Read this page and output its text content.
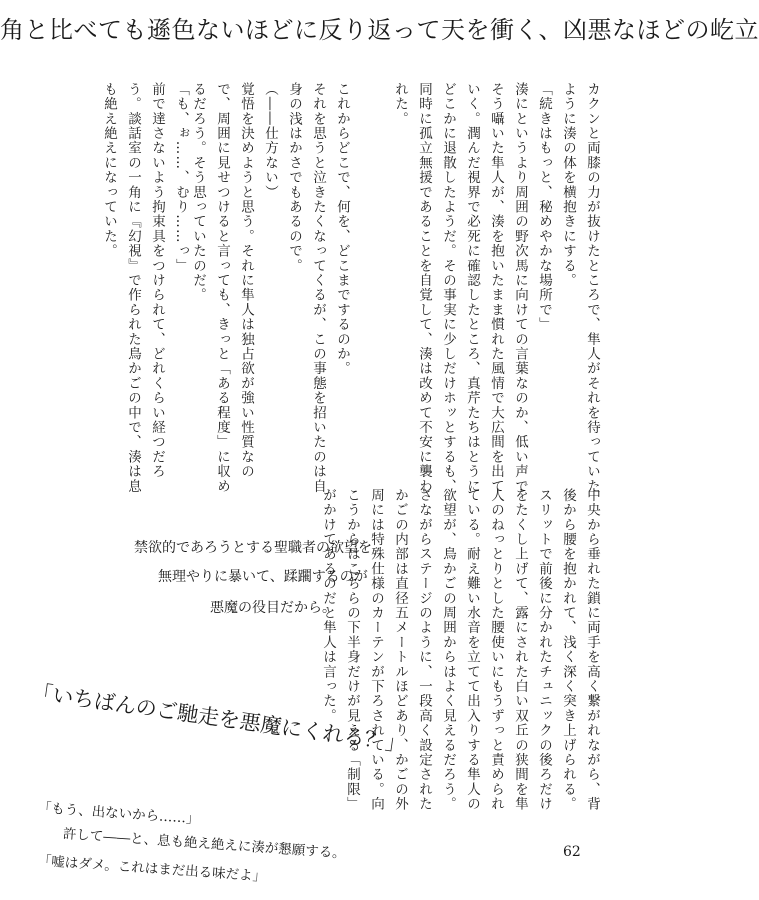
角と比べても遜色ないほどに反り返って天を衝く、凶悪なほどの屹立
カクンと両膝の力が抜けたところで、隼人がそれを待っていたように湊の体を横抱きにする。
「続きはもっと、秘めやかな場所で」
湊にというより周囲の野次馬に向けての言葉なのか、低い声でそう囁いた隼人が、湊を抱いたまま慣れた風情で大広間を出ていく。潤んだ視界で必死に確認したところ、真芹たちはとうにどこかに退散したようだ。その事実に少しだけホッとするも、同時に孤立無援であることを自覚して、湊は改めて不安に襲われた。
これからどこで、何を、どこまでするのか。
それを思うと泣きたくなってくるが、この事態を招いたのは自身の浅はかさでもあるので。
（――仕方ない）
覚悟を決めようと思う。それに隼人は独占欲が強い性質なので、周囲に見せつけると言っても、きっと「ある程度」に収めるだろう。そう思っていたのだ。
「も、ぉ……、むり……っ」
前で達さないよう拘束具をつけられて、どれくらい経つだろう。談話室の一角に『幻視』で作られた鳥かごの中で、湊は息も絶え絶えになっていた。
中央から垂れた鎖に両手を高く繋がれながら、背後から腰を抱かれて、浅く深く突き上げられる。
スリットで前後に分かれたチュニックの後ろだけをたくし上げて、露にされた白い双丘の狭間を隼人のねっとりとした腰使いにもうずっと責められている。耐え難い水音を立てて出入りする隼人の欲望が、鳥かごの周囲からはよく見えるだろう。
さながらステージのように、一段高く設定されたかごの内部は直径五メートルほどあり、かごの外周には特殊仕様のカーテンが下ろされている。向こうからはこちらの下半身だけが見える「制限」がかけてあるのだと隼人は言った。
禁欲的であろうとする聖職者の欲望を
無理やりに暴いて、蹂躙するのが
悪魔の役目だから。
「いちばんのご馳走を悪魔にくれる？」
「もう、出ないから……」
許して――と、息も絶え絶えに湊が懇願する。
「嘘はダメ。これはまだ出る味だよ」
62
